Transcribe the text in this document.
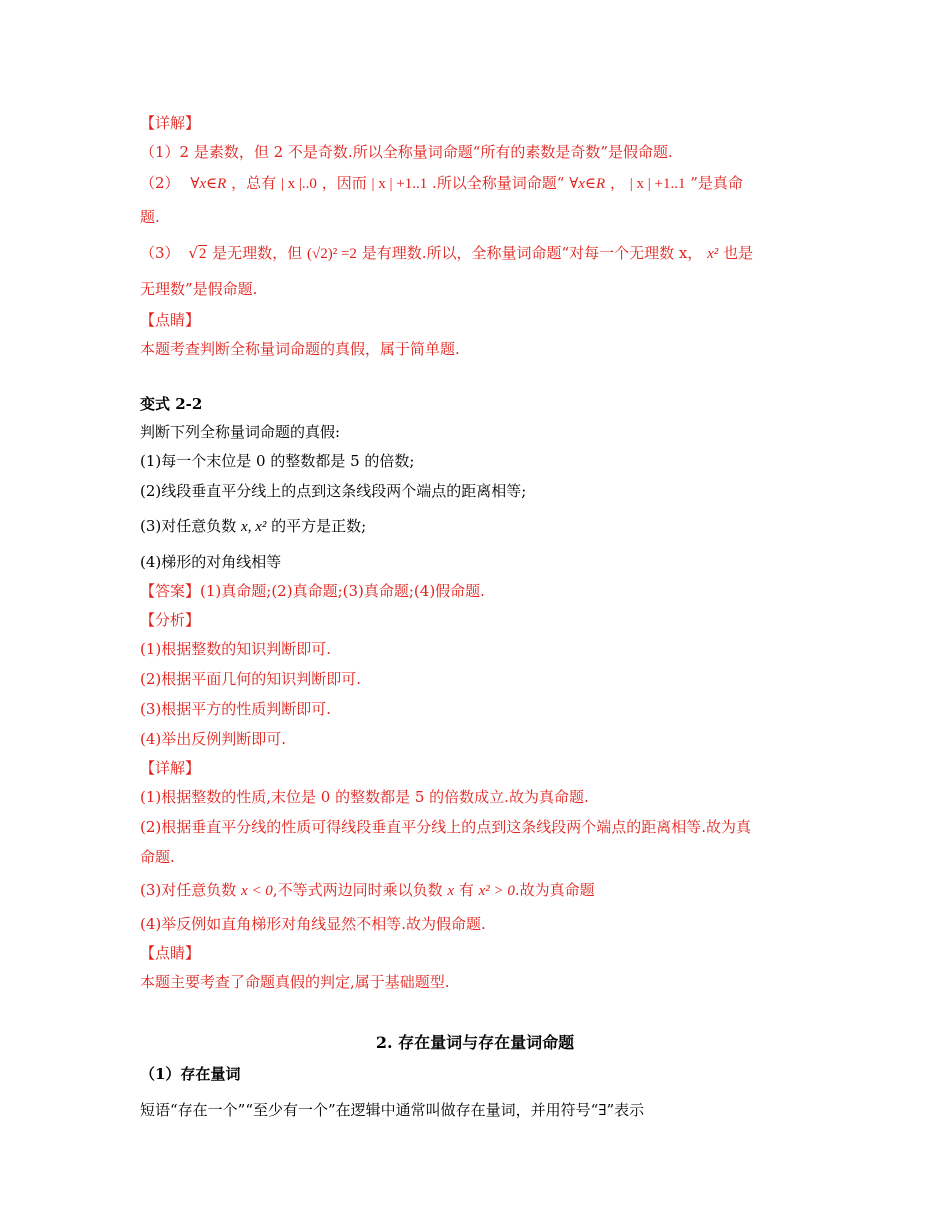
【详解】
（1）2 是素数，但 2 不是奇数.所以全称量词命题“所有的素数是奇数”是假命题.
（2） ∀x∈R ，总有 | x |..0 ，因而 | x | +1..1 .所以全称量词命题“ ∀x∈R ， | x | +1..1 ”是真命
题.
（3） √2 是无理数，但 (√2)² =2 是有理数.所以，全称量词命题“对每一个无理数 x， x² 也是
无理数”是假命题.
【点睛】
本题考查判断全称量词命题的真假，属于简单题.
变式 2-2
判断下列全称量词命题的真假:
(1)每一个末位是 0 的整数都是 5 的倍数;
(2)线段垂直平分线上的点到这条线段两个端点的距离相等;
(3)对任意负数 x, x² 的平方是正数;
(4)梯形的对角线相等
【答案】(1)真命题;(2)真命题;(3)真命题;(4)假命题.
【分析】
(1)根据整数的知识判断即可.
(2)根据平面几何的知识判断即可.
(3)根据平方的性质判断即可.
(4)举出反例判断即可.
【详解】
(1)根据整数的性质,末位是 0 的整数都是 5 的倍数成立.故为真命题.
(2)根据垂直平分线的性质可得线段垂直平分线上的点到这条线段两个端点的距离相等.故为真
命题.
(3)对任意负数 x < 0,不等式两边同时乘以负数 x 有 x² > 0.故为真命题
(4)举反例如直角梯形对角线显然不相等.故为假命题.
【点睛】
本题主要考查了命题真假的判定,属于基础题型.
2. 存在量词与存在量词命题
（1）存在量词
短语“存在一个”“至少有一个”在逻辑中通常叫做存在量词，并用符号“∃”表示
